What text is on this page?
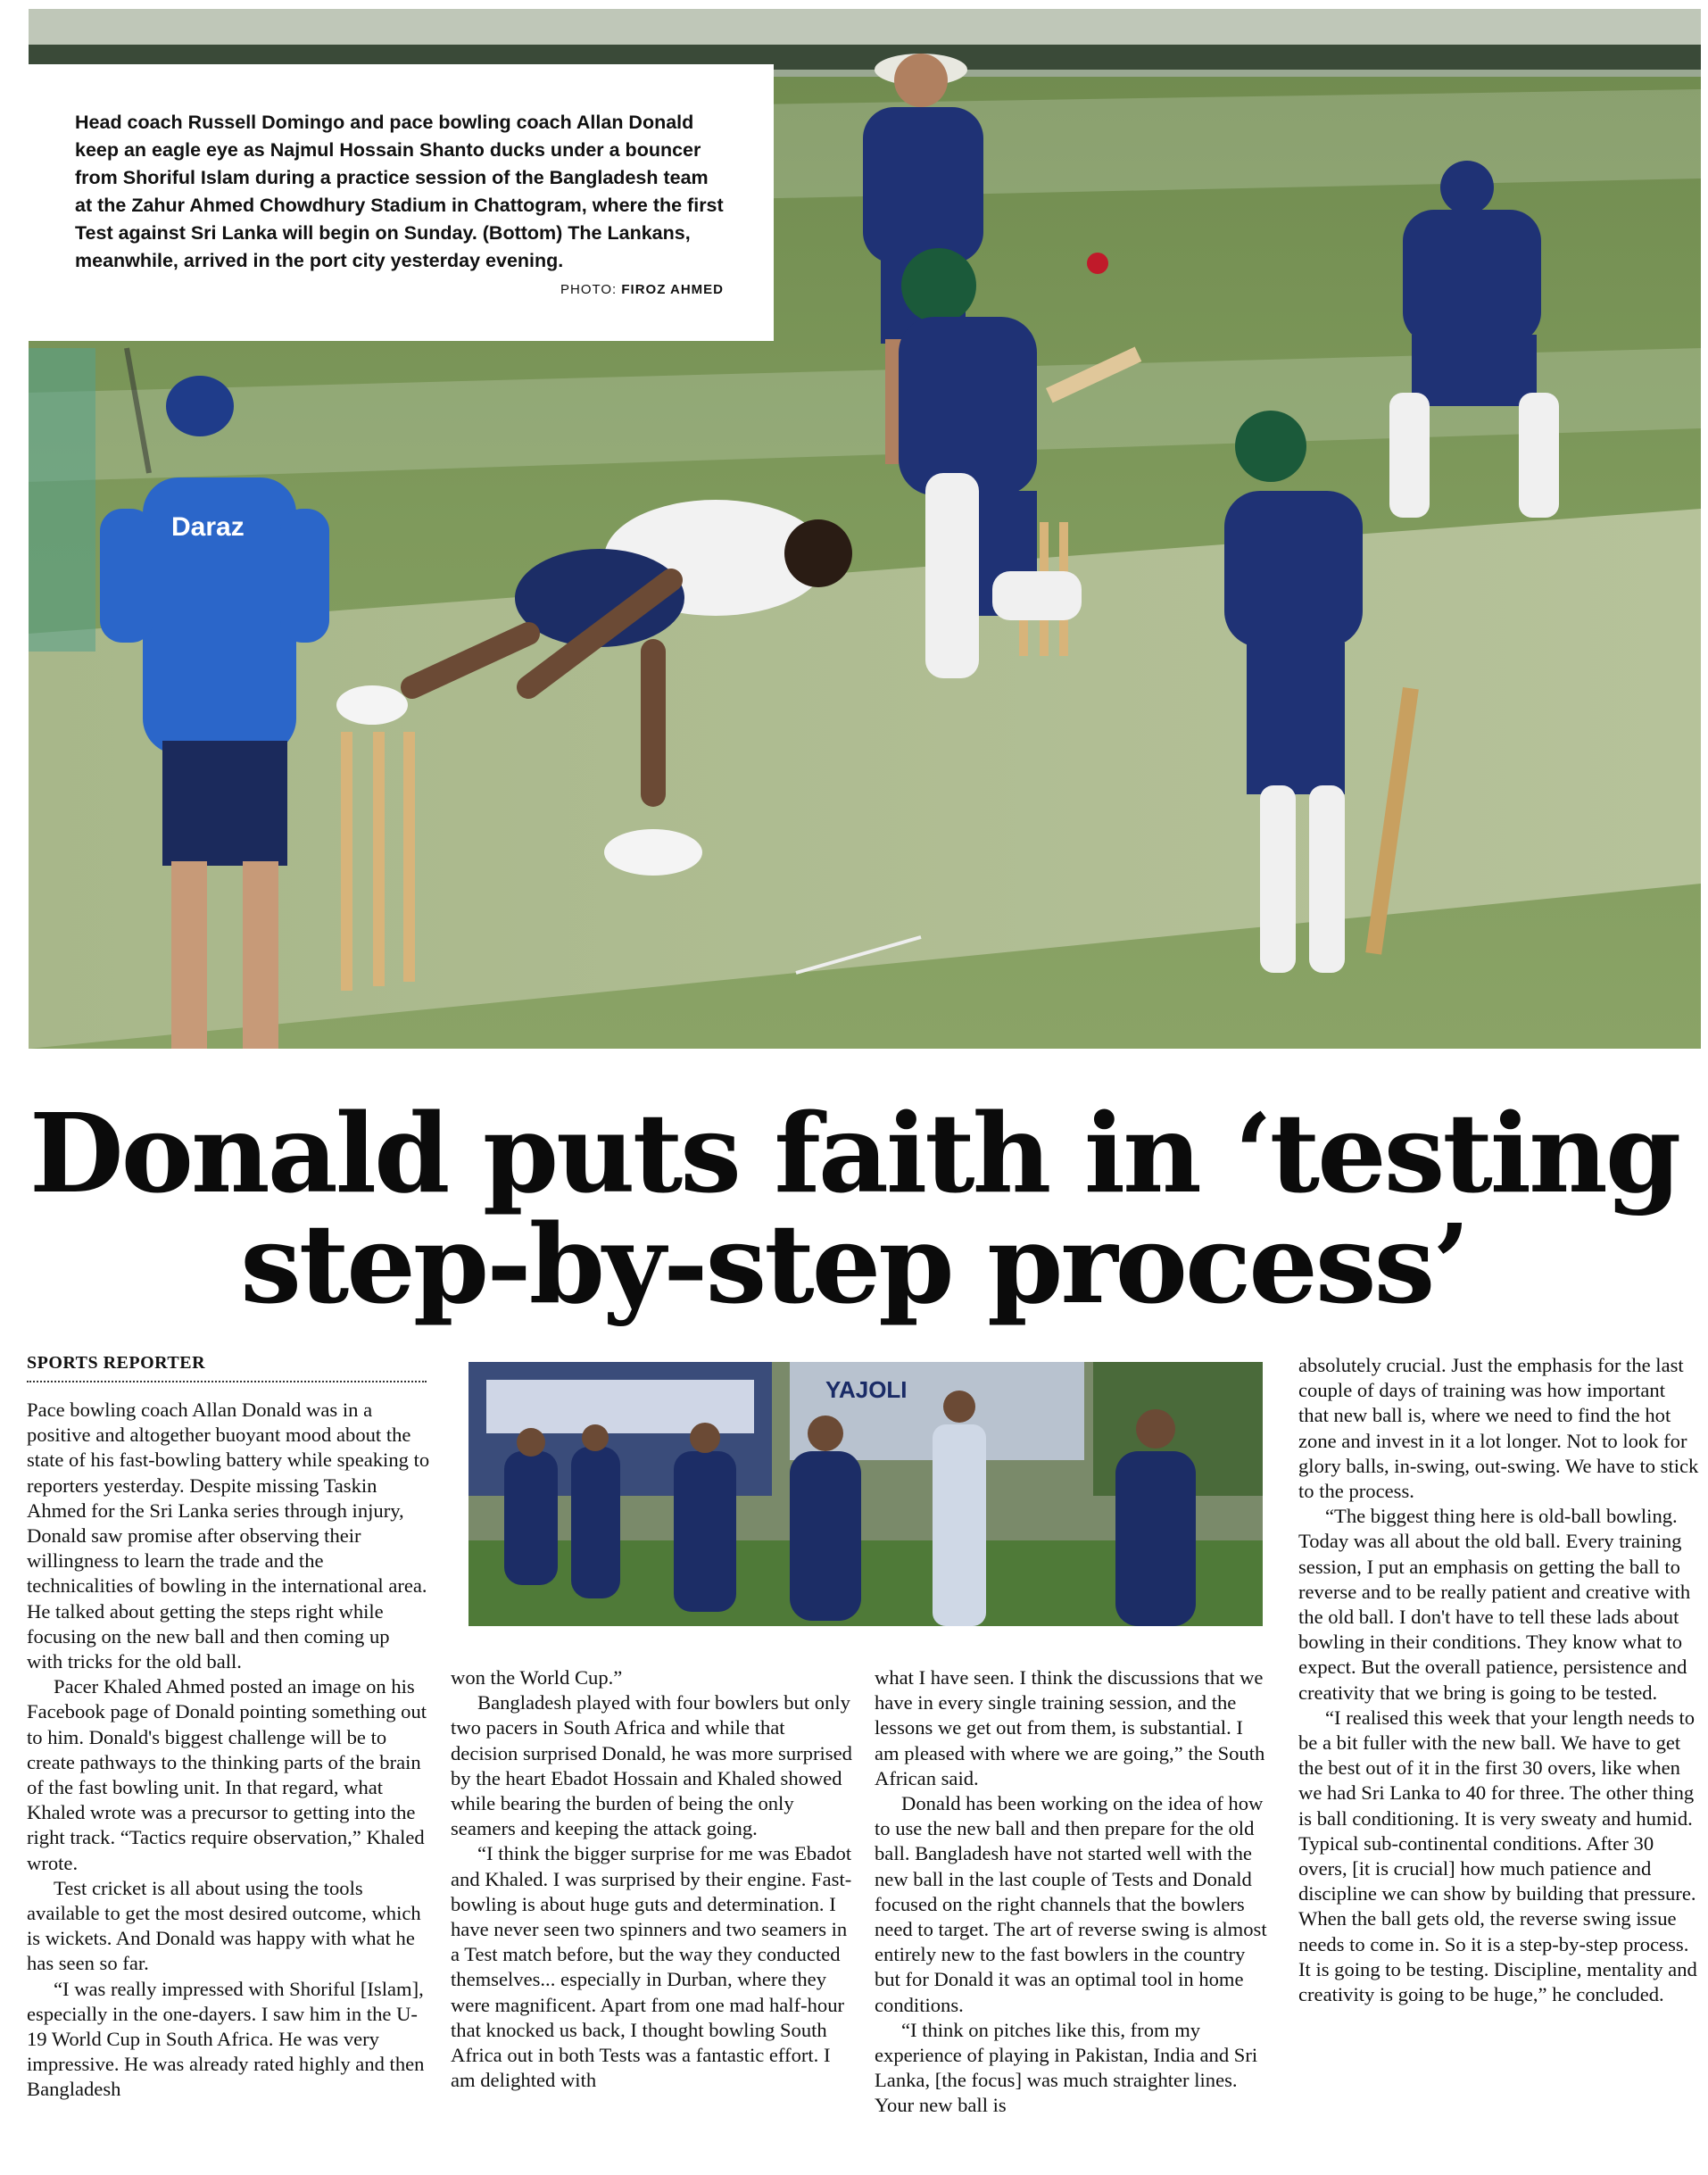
Daraz

Head coach Russell Domingo and pace bowling coach Allan Donald keep an eagle eye as Najmul Hossain Shanto ducks under a bouncer from Shoriful Islam during a practice session of the Bangladesh team at the Zahur Ahmed Chowdhury Stadium in Chattogram, where the first Test against Sri Lanka will begin on Sunday. (Bottom) The Lankans, meanwhile, arrived in the port city yesterday evening.

PHOTO: FIROZ AHMED
Donald puts faith in ‘testing
step-by-step process’
SPORTS REPORTER
YAJOLI

Pace bowling coach Allan Donald was in a positive and altogether buoyant mood about the state of his fast-bowling battery while speaking to reporters yesterday. Despite missing Taskin Ahmed for the Sri Lanka series through injury, Donald saw promise after observing their willingness to learn the trade and the technicalities of bowling in the international area. He talked about getting the steps right while focusing on the new ball and then coming up with tricks for the old ball.

Pacer Khaled Ahmed posted an image on his Facebook page of Donald pointing something out to him. Donald's biggest challenge will be to create pathways to the thinking parts of the brain of the fast bowling unit. In that regard, what Khaled wrote was a precursor to getting into the right track. “Tactics require observation,” Khaled wrote.

Test cricket is all about using the tools available to get the most desired outcome, which is wickets. And Donald was happy with what he has seen so far.

“I was really impressed with Shoriful [Islam], especially in the one-dayers. I saw him in the U-19 World Cup in South Africa. He was very impressive. He was already rated highly and then Bangladesh

won the World Cup.”

Bangladesh played with four bowlers but only two pacers in South Africa and while that decision surprised Donald, he was more surprised by the heart Ebadot Hossain and Khaled showed while bearing the burden of being the only seamers and keeping the attack going.

“I think the bigger surprise for me was Ebadot and Khaled. I was surprised by their engine. Fast-bowling is about huge guts and determination. I have never seen two spinners and two seamers in a Test match before, but the way they conducted themselves... especially in Durban, where they were magnificent. Apart from one mad half-hour that knocked us back, I thought bowling South Africa out in both Tests was a fantastic effort. I am delighted with

what I have seen. I think the discussions that we have in every single training session, and the lessons we get out from them, is substantial. I am pleased with where we are going,” the South African said.

Donald has been working on the idea of how to use the new ball and then prepare for the old ball. Bangladesh have not started well with the new ball in the last couple of Tests and Donald focused on the right channels that the bowlers need to target. The art of reverse swing is almost entirely new to the fast bowlers in the country but for Donald it was an optimal tool in home conditions.

“I think on pitches like this, from my experience of playing in Pakistan, India and Sri Lanka, [the focus] was much straighter lines. Your new ball is

absolutely crucial. Just the emphasis for the last couple of days of training was how important that new ball is, where we need to find the hot zone and invest in it a lot longer. Not to look for glory balls, in-swing, out-swing. We have to stick to the process.

“The biggest thing here is old-ball bowling. Today was all about the old ball. Every training session, I put an emphasis on getting the ball to reverse and to be really patient and creative with the old ball. I don't have to tell these lads about bowling in their conditions. They know what to expect. But the overall patience, persistence and creativity that we bring is going to be tested.

“I realised this week that your length needs to be a bit fuller with the new ball. We have to get the best out of it in the first 30 overs, like when we had Sri Lanka to 40 for three. The other thing is ball conditioning. It is very sweaty and humid. Typical sub-continental conditions. After 30 overs, [it is crucial] how much patience and discipline we can show by building that pressure. When the ball gets old, the reverse swing issue needs to come in. So it is a step-by-step process. It is going to be testing. Discipline, mentality and creativity is going to be huge,” he concluded.
